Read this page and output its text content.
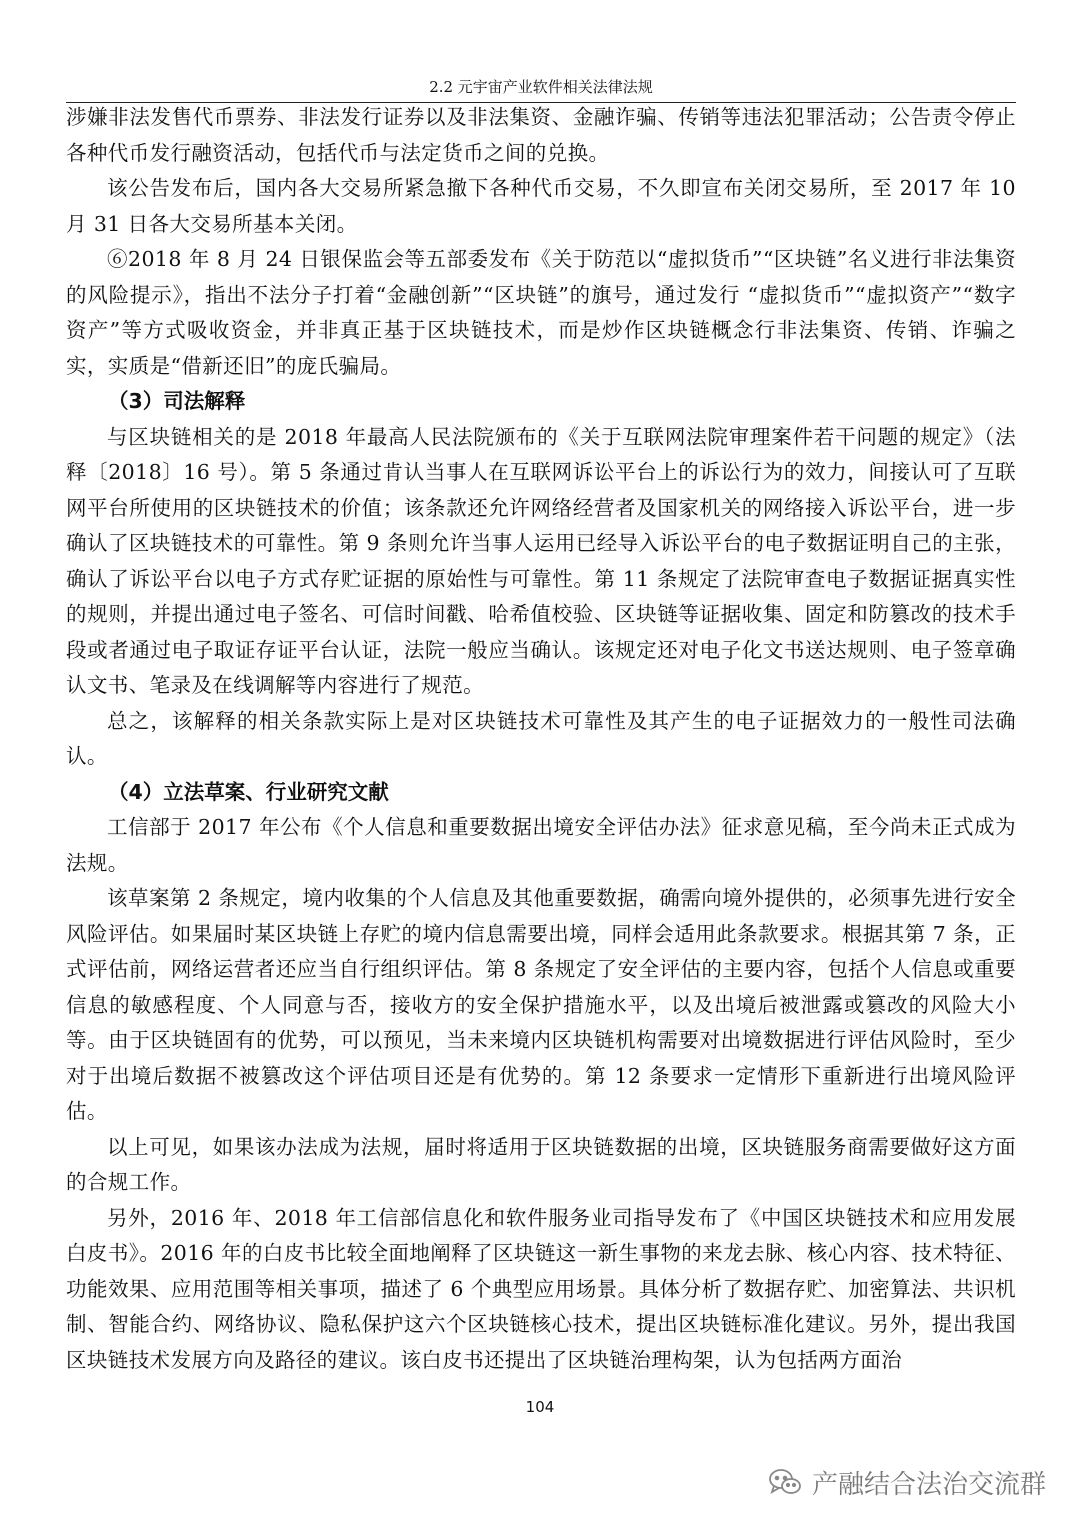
2.2 元宇宙产业软件相关法律法规

涉嫌非法发售代币票券、非法发行证券以及非法集资、金融诈骗、传销等违法犯罪活动；公告责令停止各种代币发行融资活动，包括代币与法定货币之间的兑换。

该公告发布后，国内各大交易所紧急撤下各种代币交易，不久即宣布关闭交易所，至 2017 年 10 月 31 日各大交易所基本关闭。

⑥2018 年 8 月 24 日银保监会等五部委发布《关于防范以“虚拟货币”“区块链”名义进行非法集资的风险提示》，指出不法分子打着“金融创新”“区块链”的旗号，通过发行 “虚拟货币”“虚拟资产”“数字资产”等方式吸收资金，并非真正基于区块链技术，而是炒作区块链概念行非法集资、传销、诈骗之实，实质是“借新还旧”的庞氏骗局。

（3）司法解释

与区块链相关的是 2018 年最高人民法院颁布的《关于互联网法院审理案件若干问题的规定》（法释〔2018〕16 号）。第 5 条通过肯认当事人在互联网诉讼平台上的诉讼行为的效力，间接认可了互联网平台所使用的区块链技术的价值；该条款还允许网络经营者及国家机关的网络接入诉讼平台，进一步确认了区块链技术的可靠性。第 9 条则允许当事人运用已经导入诉讼平台的电子数据证明自己的主张，确认了诉讼平台以电子方式存贮证据的原始性与可靠性。第 11 条规定了法院审查电子数据证据真实性的规则，并提出通过电子签名、可信时间戳、哈希值校验、区块链等证据收集、固定和防篡改的技术手段或者通过电子取证存证平台认证，法院一般应当确认。该规定还对电子化文书送达规则、电子签章确认文书、笔录及在线调解等内容进行了规范。

总之，该解释的相关条款实际上是对区块链技术可靠性及其产生的电子证据效力的一般性司法确认。

（4）立法草案、行业研究文献

工信部于 2017 年公布《个人信息和重要数据出境安全评估办法》征求意见稿，至今尚未正式成为法规。

该草案第 2 条规定，境内收集的个人信息及其他重要数据，确需向境外提供的，必须事先进行安全风险评估。如果届时某区块链上存贮的境内信息需要出境，同样会适用此条款要求。根据其第 7 条，正式评估前，网络运营者还应当自行组织评估。第 8 条规定了安全评估的主要内容，包括个人信息或重要信息的敏感程度、个人同意与否，接收方的安全保护措施水平，以及出境后被泄露或篡改的风险大小等。由于区块链固有的优势，可以预见，当未来境内区块链机构需要对出境数据进行评估风险时，至少对于出境后数据不被篡改这个评估项目还是有优势的。第 12 条要求一定情形下重新进行出境风险评估。

以上可见，如果该办法成为法规，届时将适用于区块链数据的出境，区块链服务商需要做好这方面的合规工作。

另外，2016 年、2018 年工信部信息化和软件服务业司指导发布了《中国区块链技术和应用发展白皮书》。2016 年的白皮书比较全面地阐释了区块链这一新生事物的来龙去脉、核心内容、技术特征、功能效果、应用范围等相关事项，描述了 6 个典型应用场景。具体分析了数据存贮、加密算法、共识机制、智能合约、网络协议、隐私保护这六个区块链核心技术，提出区块链标准化建议。另外，提出我国区块链技术发展方向及路径的建议。该白皮书还提出了区块链治理构架，认为包括两方面治

104
产融结合法治交流群
